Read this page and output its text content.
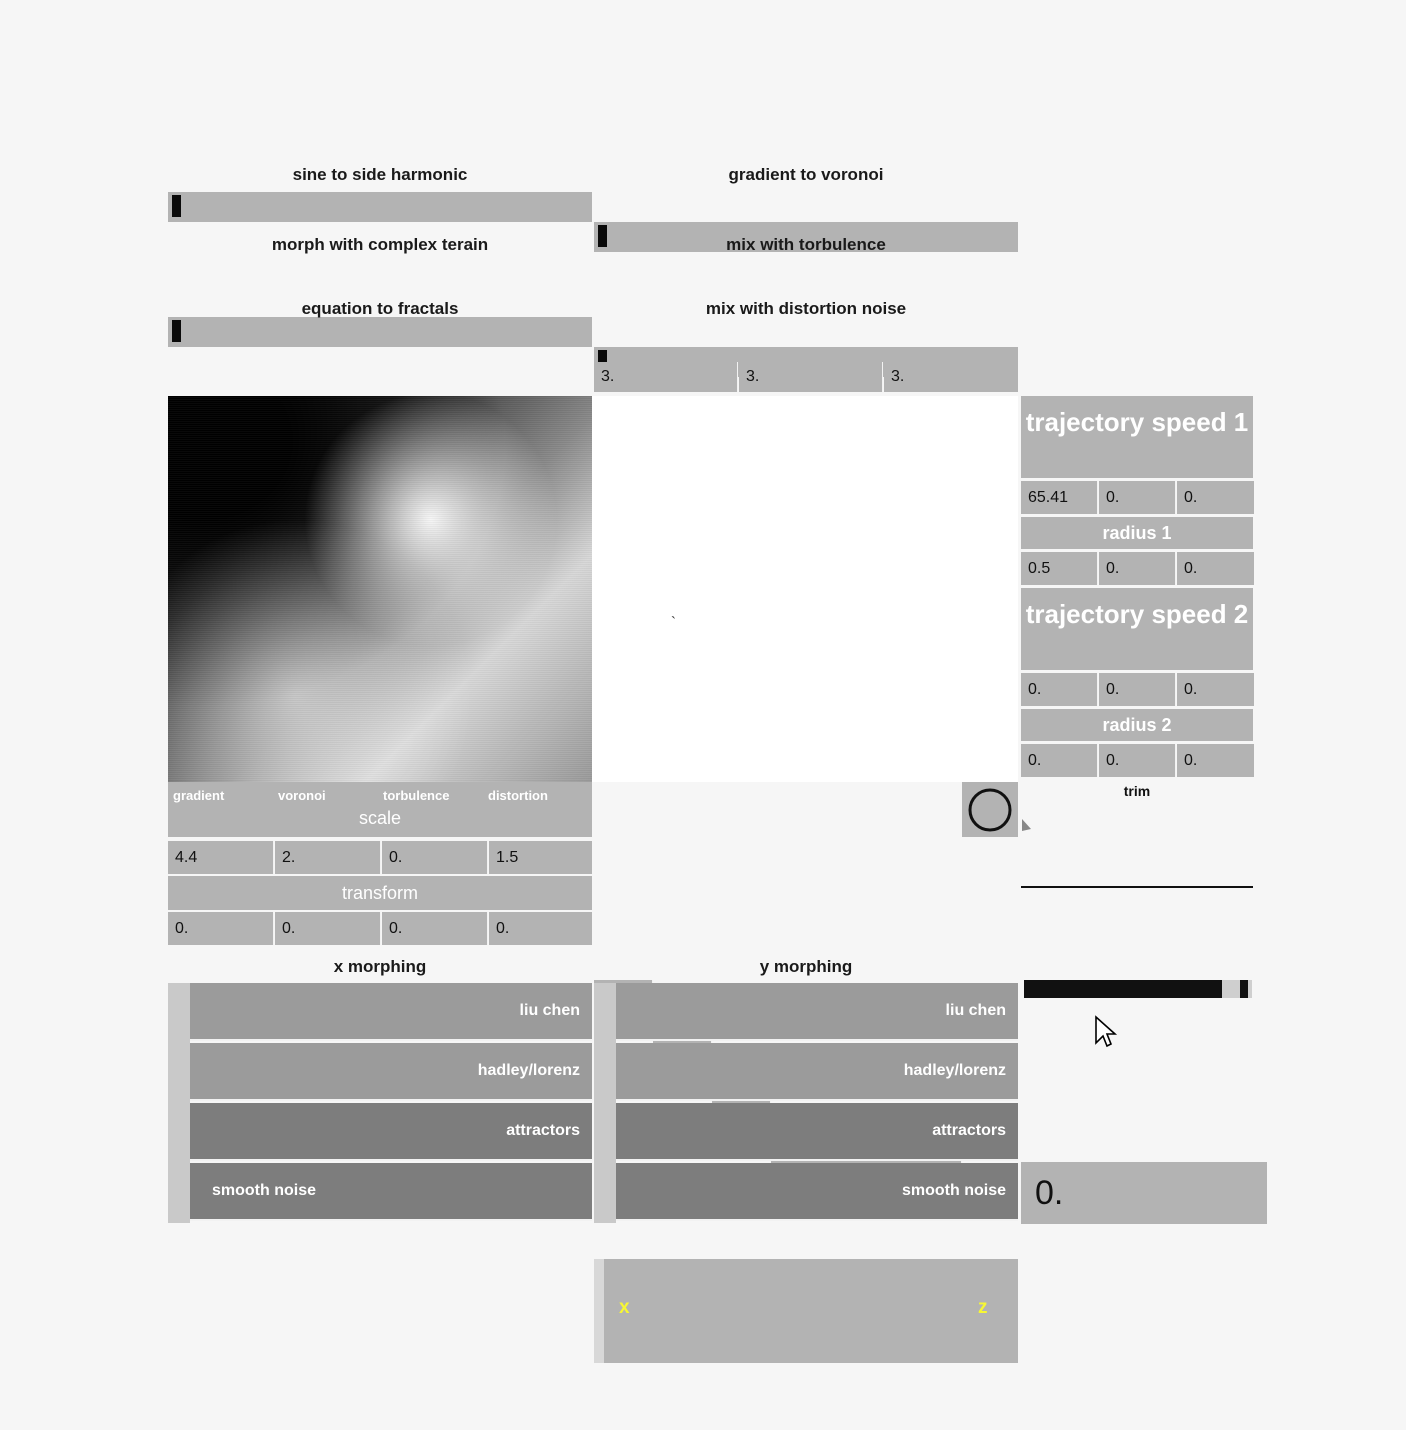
sine to side harmonic	gradient to voronoi
morph with complex terain	mix with torbulence
equation to fractals	mix with distortion noise
3.	3.	3.
`
trajectory speed 1
65.41	0.	0.
radius 1
0.5	0.	0.
trajectory speed 2
0.	0.	0.
radius 2
0.	0.	0.
trim
gradient	voronoi	torbulence	distortion
scale
4.4	2.	0.	1.5
transform
0.	0.	0.	0.
x	z
x morphing	y morphing
liu chen
hadley/lorenz
attractors
smooth noise
liu chen
hadley/lorenz
attractors
smooth noise 0.
